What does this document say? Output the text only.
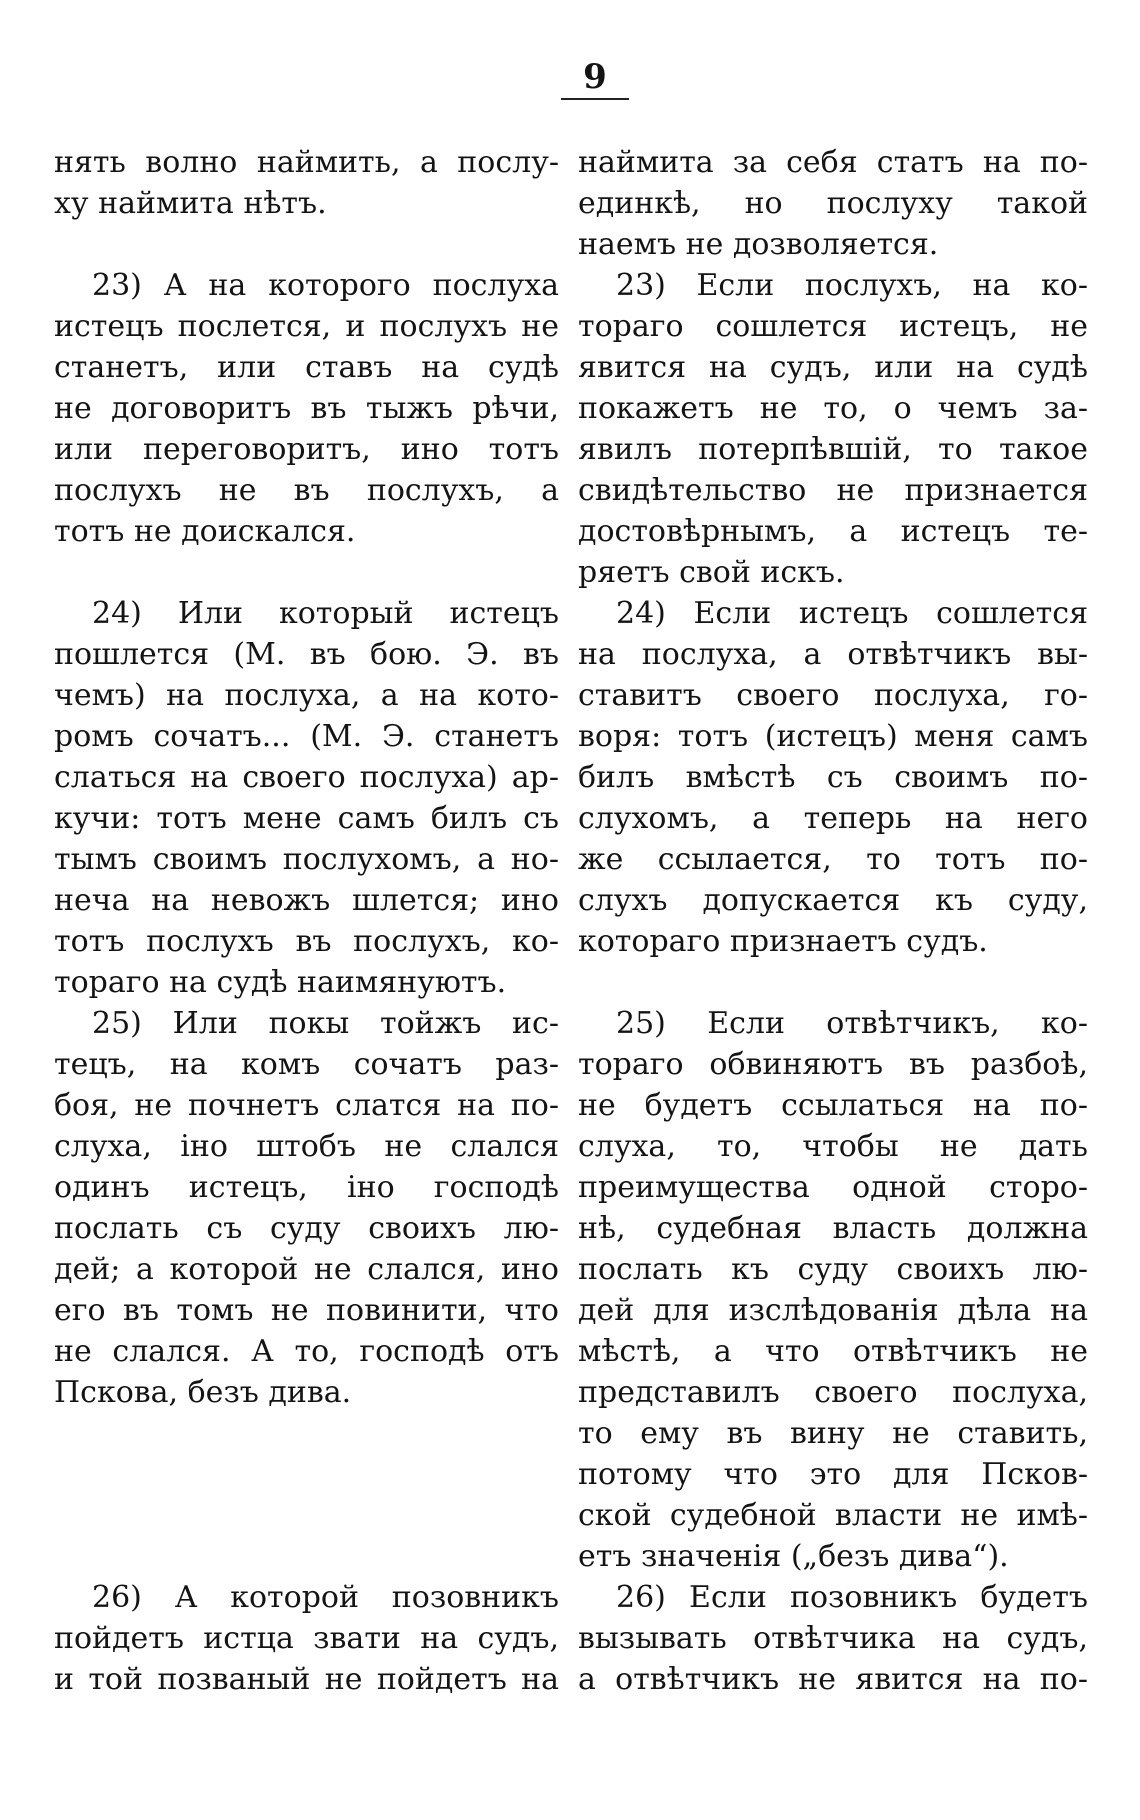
9
нять волно наймить, а послу-
ху наймита нѣтъ.
23) А на которого послуха
истецъ послется, и послухъ не
станетъ, или ставъ на судѣ
не договоритъ въ тыжъ рѣчи,
или переговоритъ, ино тотъ
послухъ не въ послухъ, а
тотъ не доискался.
24) Или который истецъ
пошлется (М. въ бою. Э. въ
чемъ) на послуха, а на кото-
ромъ сочатъ... (М. Э. станетъ
слаться на своего послуха) ар-
кучи: тотъ мене самъ билъ съ
тымъ своимъ послухомъ, а но-
неча на невожъ шлется; ино
тотъ послухъ въ послухъ, ко-
тораго на судѣ наимянуютъ.
25) Или покы тойжъ ис-
тецъ, на комъ сочатъ раз-
боя, не почнетъ слатся на по-
слуха, іно штобъ не слался
одинъ истецъ, іно господѣ
послать съ суду своихъ лю-
дей; а которой не слался, ино
его въ томъ не повинити, что
не слался. А то, господѣ отъ
Пскова, безъ дива.
26) А которой позовникъ
пойдетъ истца звати на судъ,
и той позваный не пойдетъ на
наймита за себя статъ на по-
единкѣ, но послуху такой
наемъ не дозволяется.
23) Если послухъ, на ко-
тораго сошлется истецъ, не
явится на судъ, или на судѣ
покажетъ не то, о чемъ за-
явилъ потерпѣвшій, то такое
свидѣтельство не признается
достовѣрнымъ, а истецъ те-
ряетъ свой искъ.
24) Если истецъ сошлется
на послуха, а отвѣтчикъ вы-
ставитъ своего послуха, го-
воря: тотъ (истецъ) меня самъ
билъ вмѣстѣ съ своимъ по-
слухомъ, а теперь на него
же ссылается, то тотъ по-
слухъ допускается къ суду,
котораго признаетъ судъ.
25) Если отвѣтчикъ, ко-
тораго обвиняютъ въ разбоѣ,
не будетъ ссылаться на по-
слуха, то, чтобы не дать
преимущества одной сторо-
нѣ, судебная власть должна
послать къ суду своихъ лю-
дей для изслѣдованія дѣла на
мѣстѣ, а что отвѣтчикъ не
представилъ своего послуха,
то ему въ вину не ставить,
потому что это для Псков-
ской судебной власти не имѣ-
етъ значенія („безъ дива“).
26) Если позовникъ будетъ
вызывать отвѣтчика на судъ,
а отвѣтчикъ не явится на по-
